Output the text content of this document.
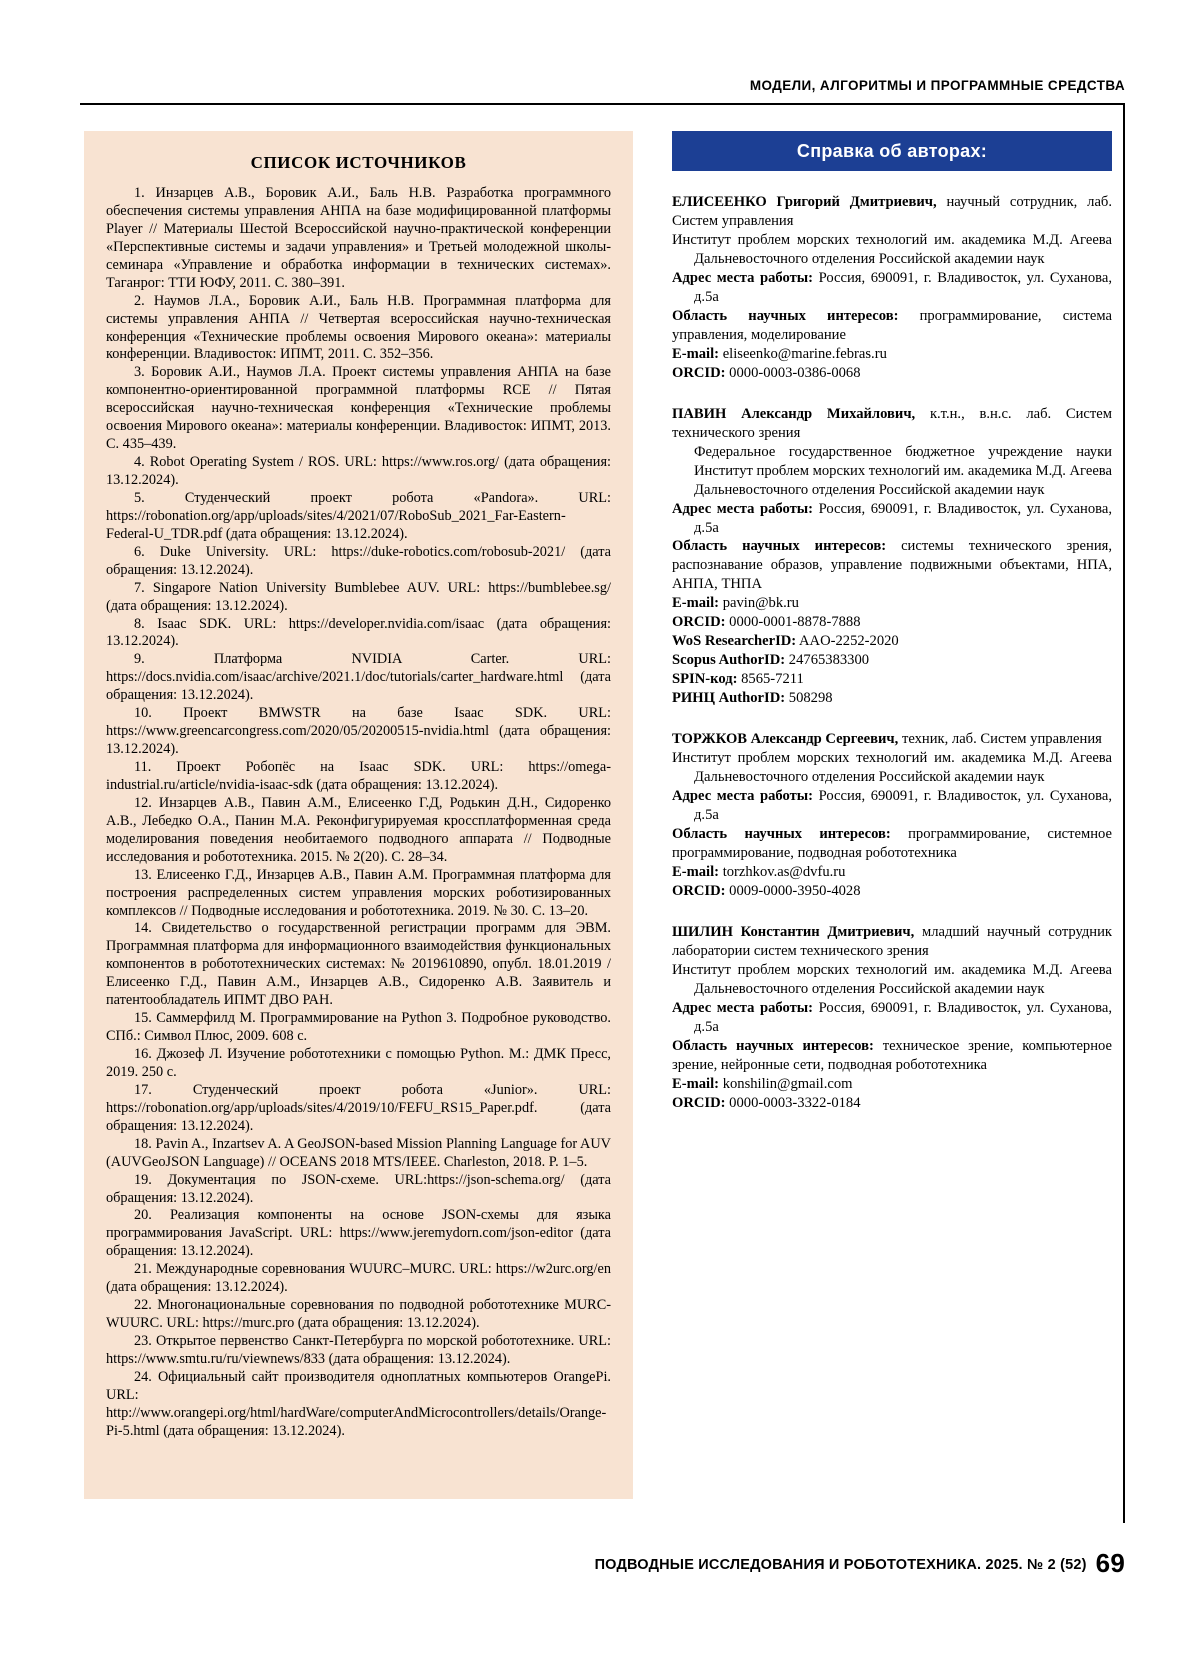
МОДЕЛИ, АЛГОРИТМЫ И ПРОГРАММНЫЕ СРЕДСТВА
СПИСОК ИСТОЧНИКОВ

1. Инзарцев А.В., Боровик А.И., Баль Н.В. Разработка программного обеспечения системы управления АНПА на базе модифицированной платформы Player // Материалы Шестой Всероссийской научно-практической конференции «Перспективные системы и задачи управления» и Третьей молодежной школы-семинара «Управление и обработка информации в технических системах». Таганрог: ТТИ ЮФУ, 2011. С. 380–391.

2. Наумов Л.А., Боровик А.И., Баль Н.В. Программная платформа для системы управления АНПА // Четвертая всероссийская научно-техническая конференция «Технические проблемы освоения Мирового океана»: материалы конференции. Владивосток: ИПМТ, 2011. С. 352–356.

3. Боровик А.И., Наумов Л.А. Проект системы управления АНПА на базе компонентно-ориентированной программной платформы RCE // Пятая всероссийская научно-техническая конференция «Технические проблемы освоения Мирового океана»: материалы конференции. Владивосток: ИПМТ, 2013. С. 435–439.

4. Robot Operating System / ROS. URL: https://www.ros.org/ (дата обращения: 13.12.2024).

5. Студенческий проект робота «Pandora». URL: https://robonation.org/app/uploads/sites/4/2021/07/RoboSub_2021_Far-Eastern-Federal-U_TDR.pdf (дата обращения: 13.12.2024).

6. Duke University. URL: https://duke-robotics.com/robosub-2021/ (дата обращения: 13.12.2024).

7. Singapore Nation University Bumblebee AUV. URL: https://bumblebee.sg/ (дата обращения: 13.12.2024).

8. Isaac SDK. URL: https://developer.nvidia.com/isaac (дата обращения: 13.12.2024).

9. Платформа NVIDIA Carter. URL: https://docs.nvidia.com/isaac/archive/2021.1/doc/tutorials/carter_hardware.html (дата обращения: 13.12.2024).

10. Проект BMWSTR на базе Isaac SDK. URL: https://www.greencarcongress.com/2020/05/20200515-nvidia.html (дата обращения: 13.12.2024).

11. Проект Робопёс на Isaac SDK. URL: https://omega-industrial.ru/article/nvidia-isaac-sdk (дата обращения: 13.12.2024).

12. Инзарцев А.В., Павин А.М., Елисеенко Г.Д, Родькин Д.Н., Сидоренко А.В., Лебедко О.А., Панин М.А. Реконфигурируемая кросcплатформенная среда моделирования поведения необитаемого подводного аппарата // Подводные исследования и робототехника. 2015. № 2(20). С. 28–34.

13. Елисеенко Г.Д., Инзарцев А.В., Павин А.М. Программная платформа для построения распределенных систем управления морских роботизированных комплексов // Подводные исследования и робототехника. 2019. № 30. С. 13–20.

14. Свидетельство о государственной регистрации программ для ЭВМ. Программная платформа для информационного взаимодействия функциональных компонентов в робототехнических системах: № 2019610890, опубл. 18.01.2019 / Елисеенко Г.Д., Павин А.М., Инзарцев А.В., Сидоренко А.В. Заявитель и патентообладатель ИПМТ ДВО РАН.

15. Саммерфилд М. Программирование на Python 3. Подробное руководство. СПб.: Символ Плюс, 2009. 608 с.

16. Джозеф Л. Изучение робототехники с помощью Python. М.: ДМК Пресс, 2019. 250 с.

17. Студенческий проект робота «Junior». URL: https://robonation.org/app/uploads/sites/4/2019/10/FEFU_RS15_Paper.pdf. (дата обращения: 13.12.2024).

18. Pavin A., Inzartsev A. A GeoJSON-based Mission Planning Language for AUV (AUVGeoJSON Language) // OCEANS 2018 MTS/IEEE. Charleston, 2018. P. 1–5.

19. Документация по JSON-схеме. URL:https://json-schema.org/ (дата обращения: 13.12.2024).

20. Реализация компоненты на основе JSON-схемы для языка программирования JavaScript. URL: https://www.jeremydorn.com/json-editor (дата обращения: 13.12.2024).

21. Международные соревнования WUURC–MURC. URL: https://w2urc.org/en (дата обращения: 13.12.2024).

22. Многонациональные соревнования по подводной робототехнике MURC-WUURC. URL: https://murc.pro (дата обращения: 13.12.2024).

23. Открытое первенство Санкт-Петербурга по морской робототехнике. URL: https://www.smtu.ru/ru/viewnews/833 (дата обращения: 13.12.2024).

24. Официальный сайт производителя одноплатных компьютеров OrangePi. URL: http://www.orangepi.org/html/hardWare/computerAndMicrocontrollers/details/Orange-Pi-5.html (дата обращения: 13.12.2024).

Справка об авторах:

ЕЛИСЕЕНКО Григорий Дмитриевич, научный сотрудник, лаб. Систем управления

Институт проблем морских технологий им. академика М.Д. Агеева Дальневосточного отделения Российской академии наук

Адрес места работы: Россия, 690091, г. Владивосток, ул. Суханова, д.5а

Область научных интересов: программирование, система управления, моделирование

E-mail: eliseenko@marine.febras.ru

ORCID: 0000-0003-0386-0068

ПАВИН Александр Михайлович, к.т.н., в.н.с. лаб. Систем технического зрения

Федеральное государственное бюджетное учреждение науки Институт проблем морских технологий им. академика М.Д. Агеева Дальневосточного отделения Российской академии наук

Адрес места работы: Россия, 690091, г. Владивосток, ул. Суханова, д.5а

Область научных интересов: системы технического зрения, распознавание образов, управление подвижными объектами, НПА, АНПА, ТНПА

E-mail: pavin@bk.ru

ORCID: 0000-0001-8878-7888

WoS ResearcherID: AAO-2252-2020

Scopus AuthorID: 24765383300

SPIN-код: 8565-7211

РИНЦ AuthorID: 508298

ТОРЖКОВ Александр Сергеевич, техник, лаб. Систем управления

Институт проблем морских технологий им. академика М.Д. Агеева Дальневосточного отделения Российской академии наук

Адрес места работы: Россия, 690091, г. Владивосток, ул. Суханова, д.5а

Область научных интересов: программирование, системное программирование, подводная робототехника

E-mail: torzhkov.as@dvfu.ru

ORCID: 0009-0000-3950-4028

ШИЛИН Константин Дмитриевич, младший научный сотрудник лаборатории систем технического зрения

Институт проблем морских технологий им. академика М.Д. Агеева Дальневосточного отделения Российской академии наук

Адрес места работы: Россия, 690091, г. Владивосток, ул. Суханова, д.5а

Область научных интересов: техническое зрение, компьютерное зрение, нейронные сети, подводная робототехника

E-mail: konshilin@gmail.com

ORCID: 0000-0003-3322-0184

ПОДВОДНЫЕ ИССЛЕДОВАНИЯ И РОБОТОТЕХНИКА. 2025. № 2 (52) 69
